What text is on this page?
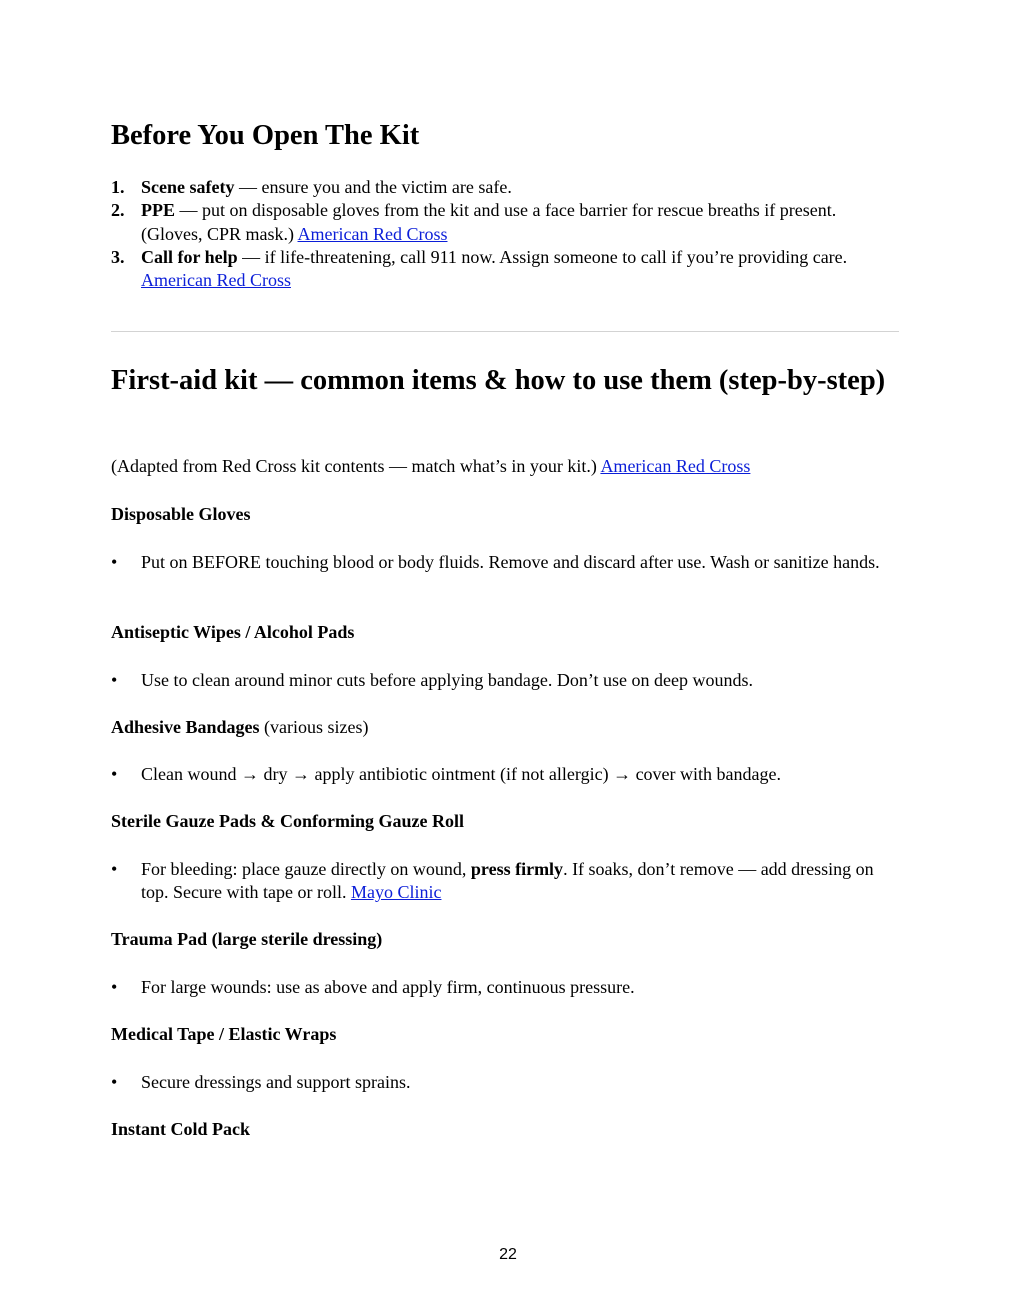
Before You Open The Kit
1. Scene safety — ensure you and the victim are safe.
2. PPE — put on disposable gloves from the kit and use a face barrier for rescue breaths if present. (Gloves, CPR mask.) American Red Cross
3. Call for help — if life-threatening, call 911 now. Assign someone to call if you’re providing care. American Red Cross
First-aid kit — common items & how to use them (step-by-step)

(Adapted from Red Cross kit contents — match what’s in your kit.) American Red Cross

Disposable Gloves

• Put on BEFORE touching blood or body fluids. Remove and discard after use. Wash or sanitize hands.

Antiseptic Wipes / Alcohol Pads

• Use to clean around minor cuts before applying bandage. Don’t use on deep wounds.

Adhesive Bandages (various sizes)

• Clean wound → dry → apply antibiotic ointment (if not allergic) → cover with bandage.

Sterile Gauze Pads & Conforming Gauze Roll

• For bleeding: place gauze directly on wound, press firmly. If soaks, don’t remove — add dressing on top. Secure with tape or roll. Mayo Clinic

Trauma Pad (large sterile dressing)

• For large wounds: use as above and apply firm, continuous pressure.

Medical Tape / Elastic Wraps

• Secure dressings and support sprains.

Instant Cold Pack

22
